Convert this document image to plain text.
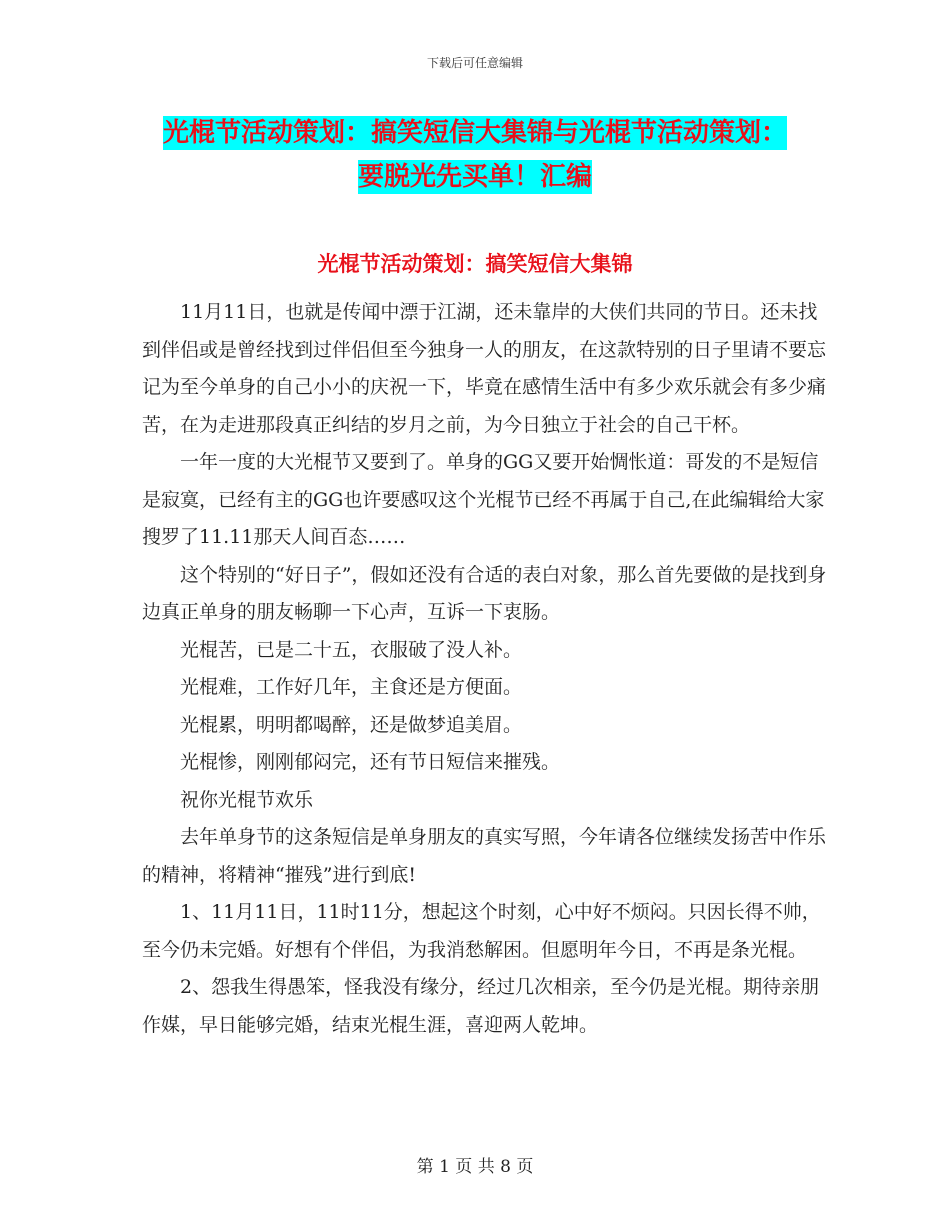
下载后可任意编辑
光棍节活动策划：搞笑短信大集锦与光棍节活动策划：
要脱光先买单！汇编
光棍节活动策划：搞笑短信大集锦

11月11日，也就是传闻中漂于江湖，还未靠岸的大侠们共同的节日。还未找到伴侣或是曾经找到过伴侣但至今独身一人的朋友，在这款特别的日子里请不要忘记为至今单身的自己小小的庆祝一下，毕竟在感情生活中有多少欢乐就会有多少痛苦，在为走进那段真正纠结的岁月之前，为今日独立于社会的自己干杯。

一年一度的大光棍节又要到了。单身的GG又要开始惆怅道：哥发的不是短信是寂寞，已经有主的GG也许要感叹这个光棍节已经不再属于自己,在此编辑给大家搜罗了11.11那天人间百态……

这个特别的“好日子”，假如还没有合适的表白对象，那么首先要做的是找到身边真正单身的朋友畅聊一下心声，互诉一下衷肠。

光棍苦，已是二十五，衣服破了没人补。

光棍难，工作好几年，主食还是方便面。

光棍累，明明都喝醉，还是做梦追美眉。

光棍惨，刚刚郁闷完，还有节日短信来摧残。

祝你光棍节欢乐

去年单身节的这条短信是单身朋友的真实写照，今年请各位继续发扬苦中作乐的精神，将精神“摧残”进行到底!

1、11月11日，11时11分，想起这个时刻，心中好不烦闷。只因长得不帅，至今仍未完婚。好想有个伴侣，为我消愁解困。但愿明年今日，不再是条光棍。

2、怨我生得愚笨，怪我没有缘分，经过几次相亲，至今仍是光棍。期待亲朋作媒，早日能够完婚，结束光棍生涯，喜迎两人乾坤。

第 1 页 共 8 页
